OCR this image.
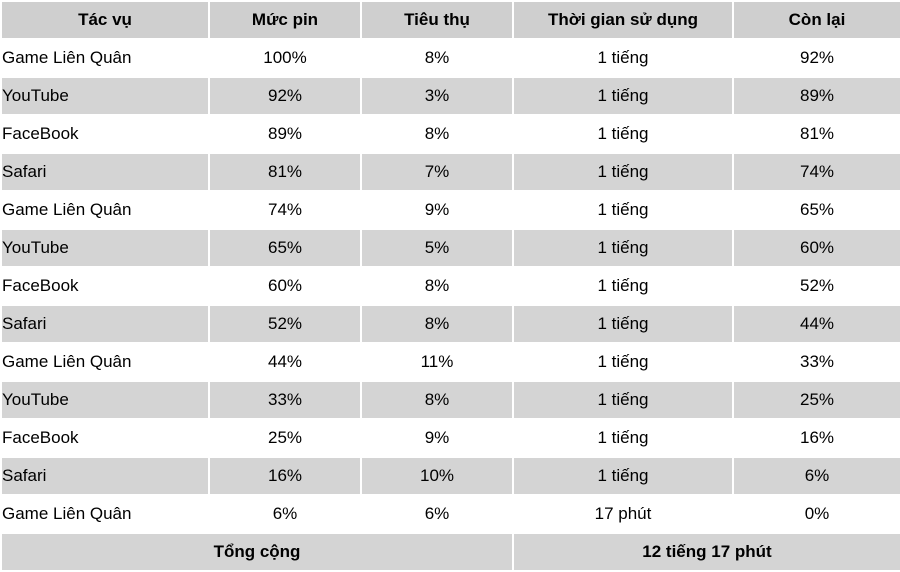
Tác vụ	Mức pin	Tiêu thụ	Thời gian sử dụng	Còn lại
Game Liên Quân	100%	8%	1 tiếng	92%
YouTube	92%	3%	1 tiếng	89%
FaceBook	89%	8%	1 tiếng	81%
Safari	81%	7%	1 tiếng	74%
Game Liên Quân	74%	9%	1 tiếng	65%
YouTube	65%	5%	1 tiếng	60%
FaceBook	60%	8%	1 tiếng	52%
Safari	52%	8%	1 tiếng	44%
Game Liên Quân	44%	11%	1 tiếng	33%
YouTube	33%	8%	1 tiếng	25%
FaceBook	25%	9%	1 tiếng	16%
Safari	16%	10%	1 tiếng	6%
Game Liên Quân	6%	6%	17 phút	0%
Tổng cộng			12 tiếng 17 phút	
